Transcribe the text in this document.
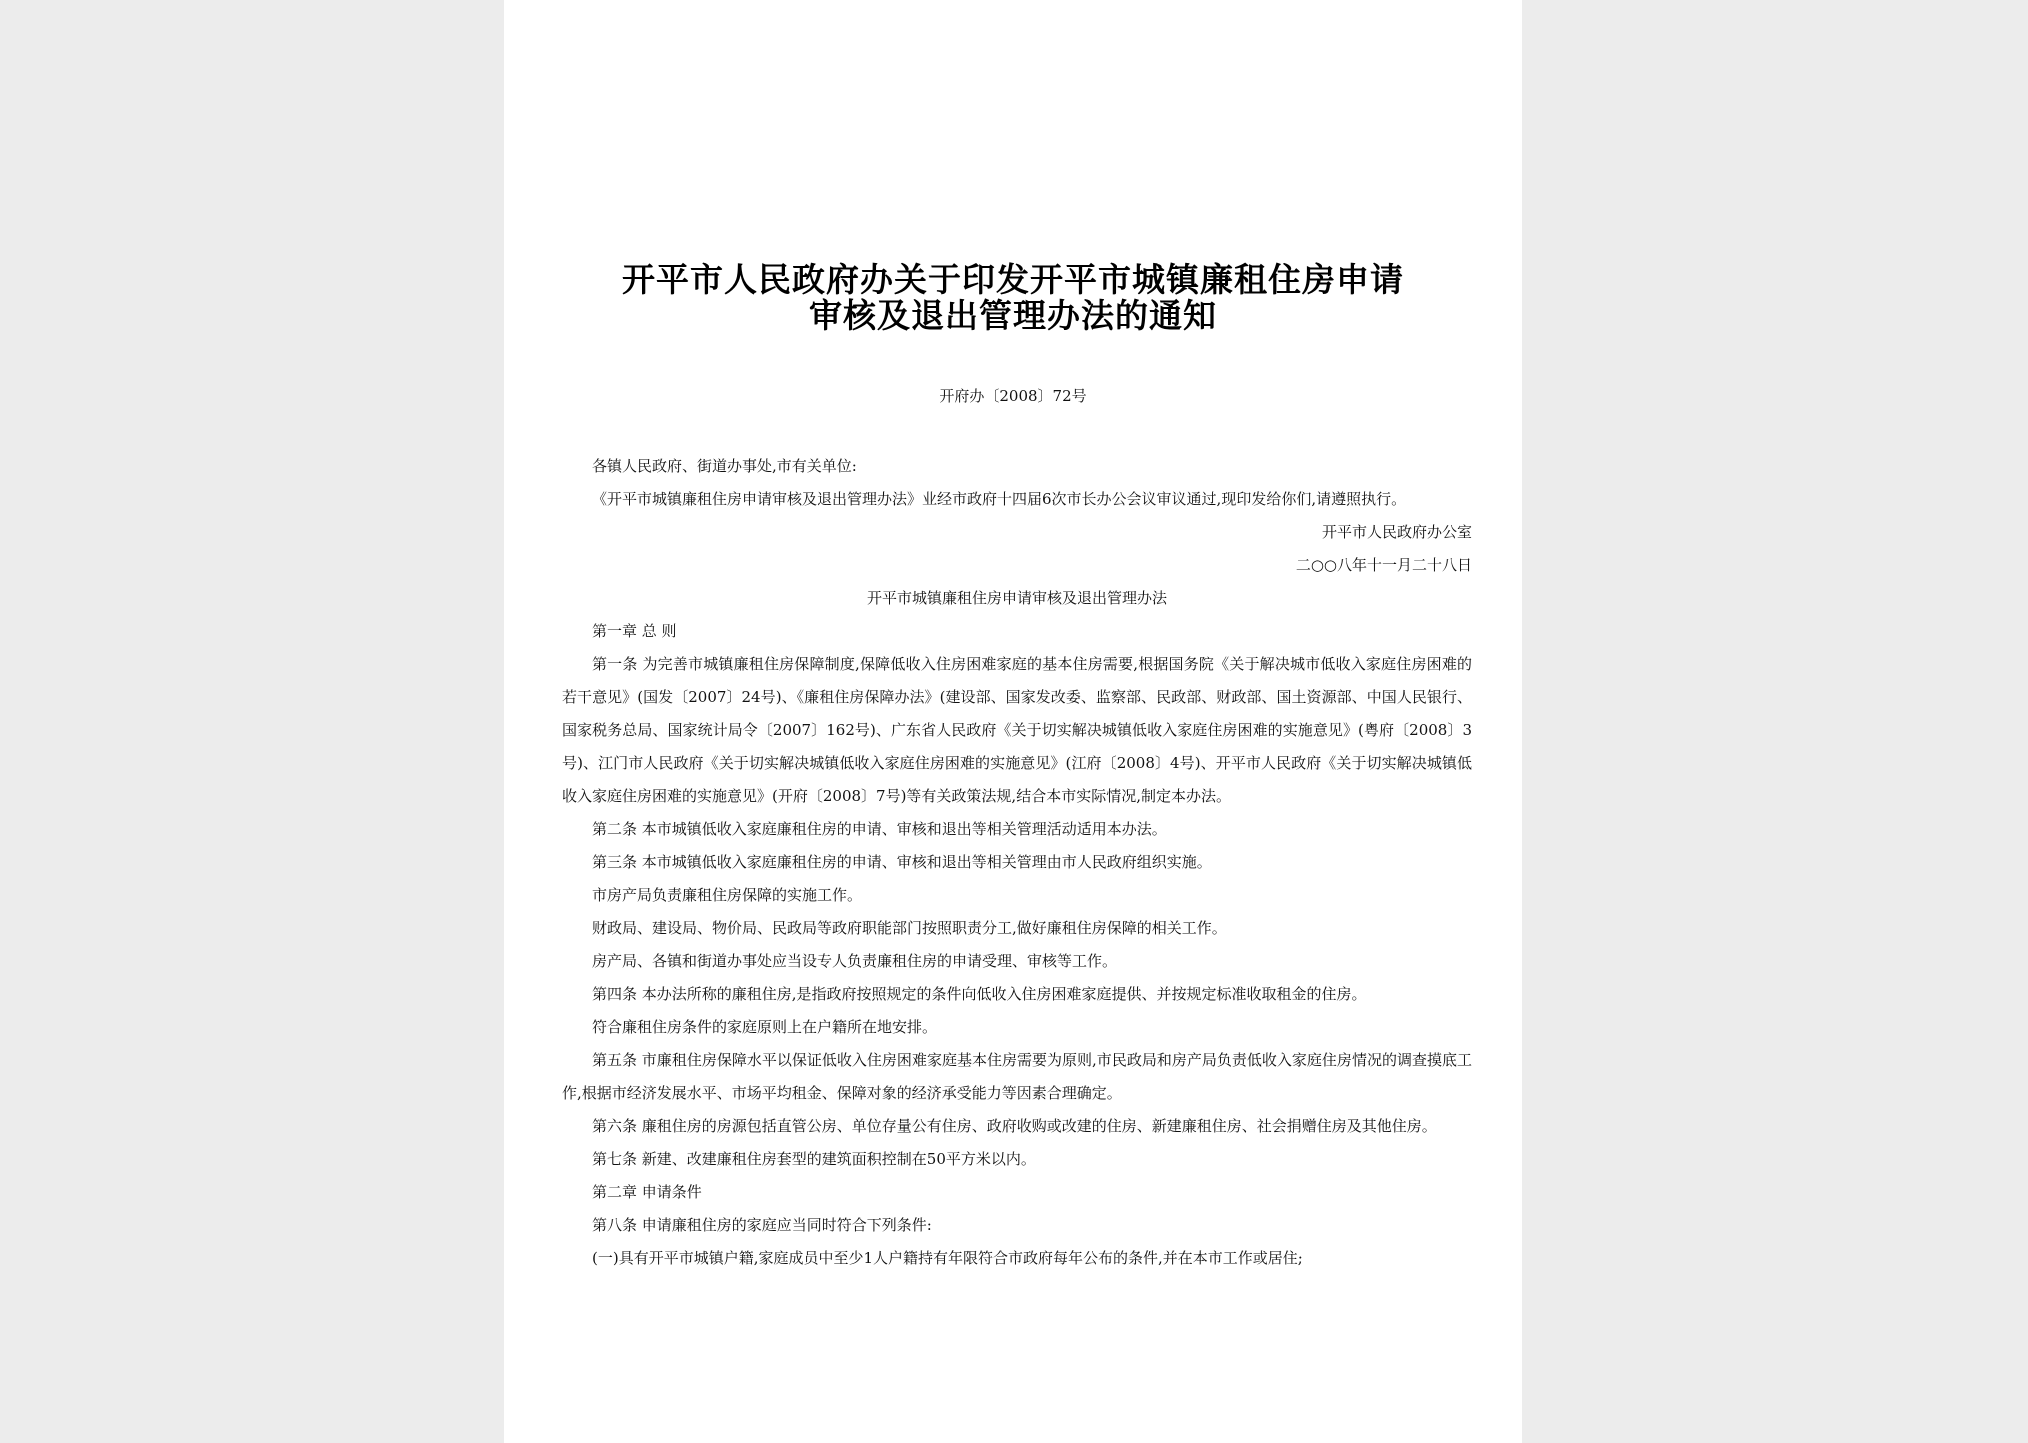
开平市人民政府办关于印发开平市城镇廉租住房申请
审核及退出管理办法的通知

开府办〔2008〕72号

各镇人民政府、街道办事处,市有关单位:

《开平市城镇廉租住房申请审核及退出管理办法》业经市政府十四届6次市长办公会议审议通过,现印发给你们,请遵照执行。

开平市人民政府办公室

二○○八年十一月二十八日

开平市城镇廉租住房申请审核及退出管理办法

第一章 总 则

第一条 为完善市城镇廉租住房保障制度,保障低收入住房困难家庭的基本住房需要,根据国务院《关于解决城市低收入家庭住房困难的若干意见》(国发〔2007〕24号)、《廉租住房保障办法》(建设部、国家发改委、监察部、民政部、财政部、国土资源部、中国人民银行、国家税务总局、国家统计局令〔2007〕162号)、广东省人民政府《关于切实解决城镇低收入家庭住房困难的实施意见》(粤府〔2008〕3号)、江门市人民政府《关于切实解决城镇低收入家庭住房困难的实施意见》(江府〔2008〕4号)、开平市人民政府《关于切实解决城镇低收入家庭住房困难的实施意见》(开府〔2008〕7号)等有关政策法规,结合本市实际情况,制定本办法。

第二条 本市城镇低收入家庭廉租住房的申请、审核和退出等相关管理活动适用本办法。

第三条 本市城镇低收入家庭廉租住房的申请、审核和退出等相关管理由市人民政府组织实施。

市房产局负责廉租住房保障的实施工作。

财政局、建设局、物价局、民政局等政府职能部门按照职责分工,做好廉租住房保障的相关工作。

房产局、各镇和街道办事处应当设专人负责廉租住房的申请受理、审核等工作。

第四条 本办法所称的廉租住房,是指政府按照规定的条件向低收入住房困难家庭提供、并按规定标准收取租金的住房。

符合廉租住房条件的家庭原则上在户籍所在地安排。

第五条 市廉租住房保障水平以保证低收入住房困难家庭基本住房需要为原则,市民政局和房产局负责低收入家庭住房情况的调查摸底工作,根据市经济发展水平、市场平均租金、保障对象的经济承受能力等因素合理确定。

第六条 廉租住房的房源包括直管公房、单位存量公有住房、政府收购或改建的住房、新建廉租住房、社会捐赠住房及其他住房。

第七条 新建、改建廉租住房套型的建筑面积控制在50平方米以内。

第二章 申请条件

第八条 申请廉租住房的家庭应当同时符合下列条件:

(一)具有开平市城镇户籍,家庭成员中至少1人户籍持有年限符合市政府每年公布的条件,并在本市工作或居住;
